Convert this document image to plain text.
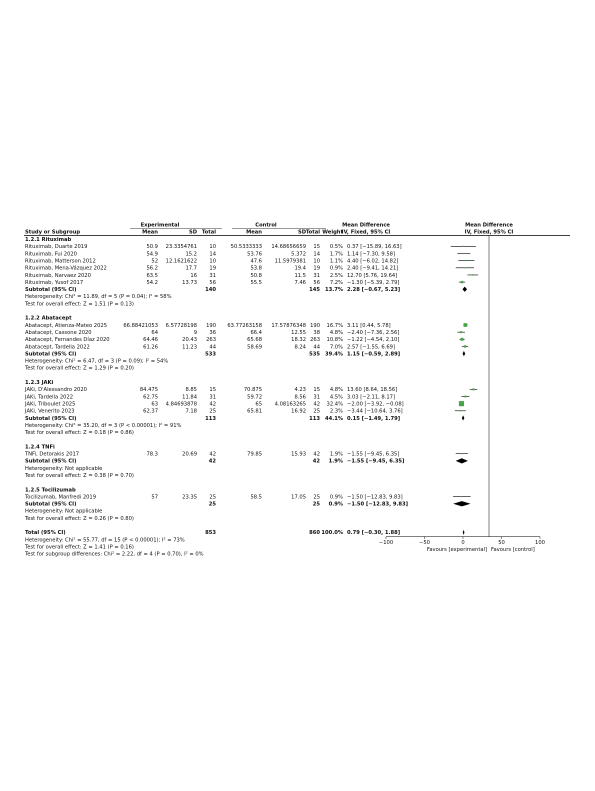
Experimental	Control	Mean Difference	Mean Difference
Study or Subgroup	Mean	SD Total	Mean	SD Total Weight
IV, Fixed, 95% CI	IV, Fixed, 95% CI
1.2.1 Rituximab
Rituximab, Duarte 2019	50.9 23.3354761 10	50.5333333 14.68656659 15 0.5% 0.37 [−15.89, 16.63]
Rituximab, Fui 2020	54.9	15.2 14	53.76	5.372 14 1.7% 1.14 [−7.30, 9.58]
Rituximab, Matterson 2012	52 12.1621622 10	47.6 11.5979381 10 1.1% 4.40 [−6.02, 14.82]
Rituximab, Mena-Vázquez 2022	56.2	17.7 19	53.8	19.4 19 0.9% 2.40 [−9.41, 14.21]
Rituximab, Narvaez 2020	63.5	16 31	50.8	11.5 31 2.5% 12.70 [5.76, 19.64]
Rituximab, Yusof 2017	54.2	13.73 56	55.5	7.46 56 7.2% −1.30 [−5.39, 2.79]
Subtotal (95% CI)	140	145 13.7% 2.28 [−0.67, 5.23]
Heterogeneity: Chi² = 11.89, df = 5 (P = 0.04); I² = 58%
Test for overall effect: Z = 1.51 (P = 0.13)
1.2.2 Abatacept
Abatacept, Atienza-Mateo 2025	66.88421053 6.57728198 190 63.77263158 17.57876348 190 16.7% 3.11 [0.44, 5.78]
Abatacept, Cassone 2020	64	9 36	66.4	12.55 38 4.8% −2.40 [−7.36, 2.56]
Abatacept, Fernandes Díaz 2020	64.46	20.43 263	65.68	18.32 263 10.8% −1.22 [−4.54, 2.10]
Abatacept, Tardella 2022	61.26	11.23 44	58.69	8.24 44 7.0% 2.57 [−1.55, 6.69]
Subtotal (95% CI)	533	535 39.4% 1.15 [−0.59, 2.89]
Heterogeneity: Chi² = 6.47, df = 3 (P = 0.09); I² = 54%
Test for overall effect: Z = 1.29 (P = 0.20)
1.2.3 JAKi
JAKi, D'Alessandro 2020	84.475	8.85 15	70.875	4.23 15 4.8% 13.60 [8.64, 18.56]
JAKi, Tardella 2022	62.75	11.84 31	59.72	8.56 31 4.5% 3.03 [−2.11, 8.17]
JAKi, Triboulet 2025	63 4.84693878 42	65 4.08163265 42 32.4% −2.00 [−3.92, −0.08]
JAKi, Venerito 2023	62.37	7.18 25	65.81	16.92 25 2.3% −3.44 [−10.64, 3.76]
Subtotal (95% CI)	113	113 44.1% 0.15 [−1.49, 1.79]
Heterogeneity: Chi² = 35.20, df = 3 (P < 0.00001); I² = 91%
Test for overall effect: Z = 0.18 (P = 0.86)
1.2.4 TNFi
TNFi, Detorakis 2017	78.3	20.69 42	79.85	15.93 42 1.9% −1.55 [−9.45, 6.35]
Subtotal (95% CI)	42	42 1.9% −1.55 [−9.45, 6.35]
Heterogeneity: Not applicable
Test for overall effect: Z = 0.38 (P = 0.70)
1.2.5 Tocilizumab
Tocilizumab, Manfredi 2019	57	23.35 25	58.5	17.05 25 0.9% −1.50 [−12.83, 9.83]
Subtotal (95% CI)	25	25 0.9% −1.50 [−12.83, 9.83]
Heterogeneity: Not applicable
Test for overall effect: Z = 0.26 (P = 0.80)
Total (95% CI)	853	860 100.0% 0.79 [−0.30, 1.88]
Heterogeneity: Chi² = 55.77, df = 15 (P < 0.00001); I² = 73%
Test for overall effect: Z = 1.41 (P = 0.16)
Test for subgroup differences: Chi² = 2.22, df = 4 (P = 0.70), I² = 0%
−100	−50	0	50	100
Favours [experimental] Favours [control]
